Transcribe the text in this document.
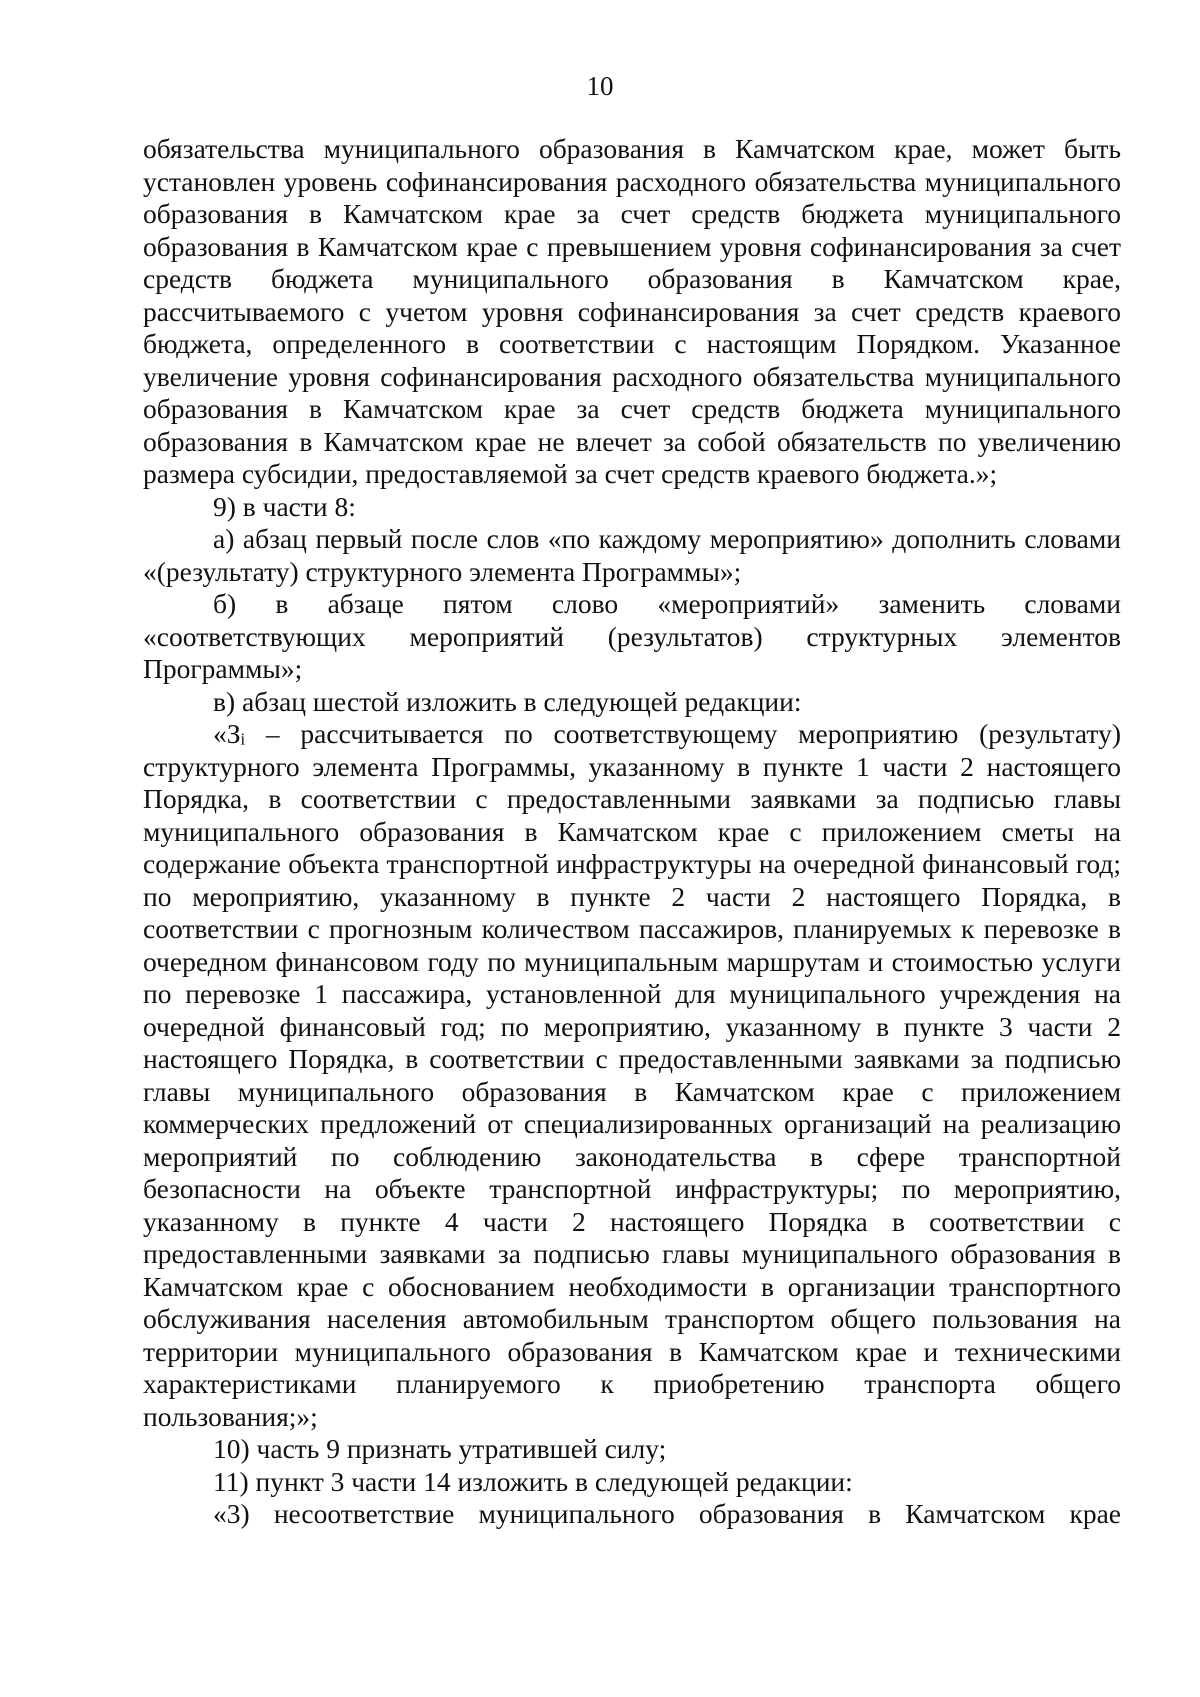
10

обязательства муниципального образования в Камчатском крае, может быть установлен уровень софинансирования расходного обязательства муниципального образования в Камчатском крае за счет средств бюджета муниципального образования в Камчатском крае с превышением уровня софинансирования за счет средств бюджета муниципального образования в Камчатском крае, рассчитываемого с учетом уровня софинансирования за счет средств краевого бюджета, определенного в соответствии с настоящим Порядком. Указанное увеличение уровня софинансирования расходного обязательства муниципального образования в Камчатском крае за счет средств бюджета муниципального образования в Камчатском крае не влечет за собой обязательств по увеличению размера субсидии, предоставляемой за счет средств краевого бюджета.»;

9) в части 8:

а) абзац первый после слов «по каждому мероприятию» дополнить словами «(результату) структурного элемента Программы»;

б) в абзаце пятом слово «мероприятий» заменить словами «соответствующих мероприятий (результатов) структурных элементов Программы»;

в) абзац шестой изложить в следующей редакции:

«$З_i$ – рассчитывается по соответствующему мероприятию (результату) структурного элемента Программы, указанному в пункте 1 части 2 настоящего Порядка, в соответствии с предоставленными заявками за подписью главы муниципального образования в Камчатском крае с приложением сметы на содержание объекта транспортной инфраструктуры на очередной финансовый год; по мероприятию, указанному в пункте 2 части 2 настоящего Порядка, в соответствии с прогнозным количеством пассажиров, планируемых к перевозке в очередном финансовом году по муниципальным маршрутам и стоимостью услуги по перевозке 1 пассажира, установленной для муниципального учреждения на очередной финансовый год; по мероприятию, указанному в пункте 3 части 2 настоящего Порядка, в соответствии с предоставленными заявками за подписью главы муниципального образования в Камчатском крае с приложением коммерческих предложений от специализированных организаций на реализацию мероприятий по соблюдению законодательства в сфере транспортной безопасности на объекте транспортной инфраструктуры; по мероприятию, указанному в пункте 4 части 2 настоящего Порядка в соответствии с предоставленными заявками за подписью главы муниципального образования в Камчатском крае с обоснованием необходимости в организации транспортного обслуживания населения автомобильным транспортом общего пользования на территории муниципального образования в Камчатском крае и техническими характеристиками планируемого к приобретению транспорта общего пользования;»;

10) часть 9 признать утратившей силу;

11) пункт 3 части 14 изложить в следующей редакции:

«3) несоответствие муниципального образования в Камчатском крае
